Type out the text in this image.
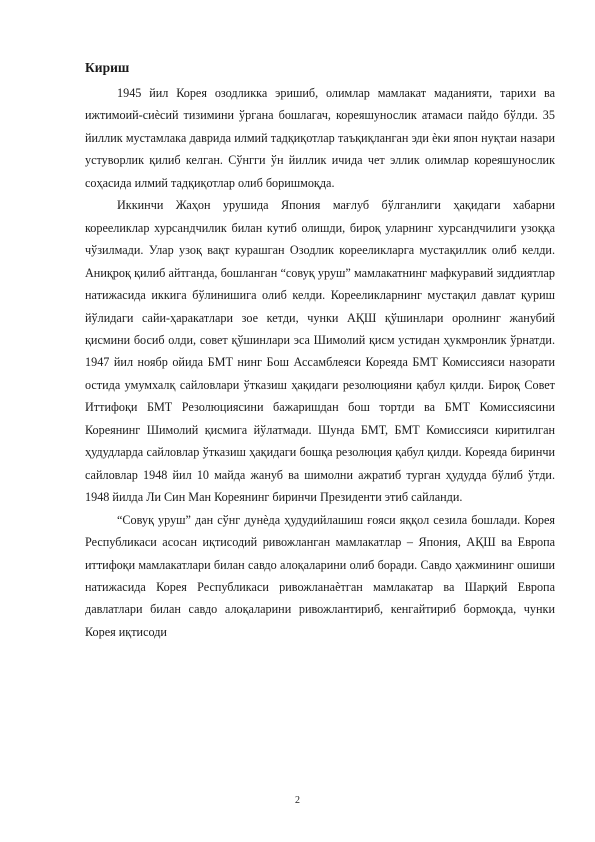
Кириш

1945 йил Корея озодликка эришиб, олимлар мамлакат маданияти, тарихи ва ижтимоий-сиѐсий тизимини ўргана бошлагач, кореяшунослик атамаси пайдо бўлди. 35 йиллик мустамлака даврида илмий тадқиқотлар таъқиқланган эди ѐки япон нуқтаи назари устуворлик қилиб келган. Сўнгги ўн йиллик ичида чет эллик олимлар кореяшунослик соҳасида илмий тадқиқотлар олиб боришмоқда.

Иккинчи Жаҳон урушида Япония мағлуб бўлганлиги ҳақидаги хабарни корееликлар хурсандчилик билан кутиб олишди, бироқ уларнинг хурсандчилиги узоққа чўзилмади. Улар узоқ вақт курашган Озодлик корееликларга мустақиллик олиб келди. Аниқроқ қилиб айтганда, бошланган “совуқ уруш” мамлакатнинг мафкуравий зиддиятлар натижасида иккига бўлинишига олиб келди. Корееликларнинг мустақил давлат қуриш йўлидаги сайи-ҳаракатлари зое кетди, чунки АҚШ қўшинлари оролнинг жанубий қисмини босиб олди, совет қўшинлари эса Шимолий қисм устидан ҳукмронлик ўрнатди. 1947 йил ноябр ойида БМТ нинг Бош Ассамблеяси Кореяда БМТ Комиссияси назорати остида умумхалқ сайловлари ўтказиш ҳақидаги резолюцияни қабул қилди. Бироқ Совет Иттифоқи БМТ Резолюциясини бажаришдан бош тортди ва БМТ Комиссиясини Кореянинг Шимолий қисмига йўлатмади. Шунда БМТ, БМТ Комиссияси киритилган ҳудудларда сайловлар ўтказиш ҳақидаги бошқа резолюция қабул қилди. Кореяда биринчи сайловлар 1948 йил 10 майда жануб ва шимолни ажратиб турган ҳудудда бўлиб ўтди. 1948 йилда Ли Син Ман Кореянинг биринчи Президенти этиб сайланди.

“Совуқ уруш” дан сўнг дунѐда ҳудудийлашиш ғояси яққол сезила бошлади. Корея Республикаси асосан иқтисодий ривожланган мамлакатлар – Япония, АҚШ ва Европа иттифоқи мамлакатлари билан савдо алоқаларини олиб боради. Савдо ҳажмининг ошиши натижасида Корея Республикаси ривожланаѐтган мамлакатар ва Шарқий Европа давлатлари билан савдо алоқаларини ривожлантириб, кенгайтириб бормоқда, чунки Корея иқтисоди

2
